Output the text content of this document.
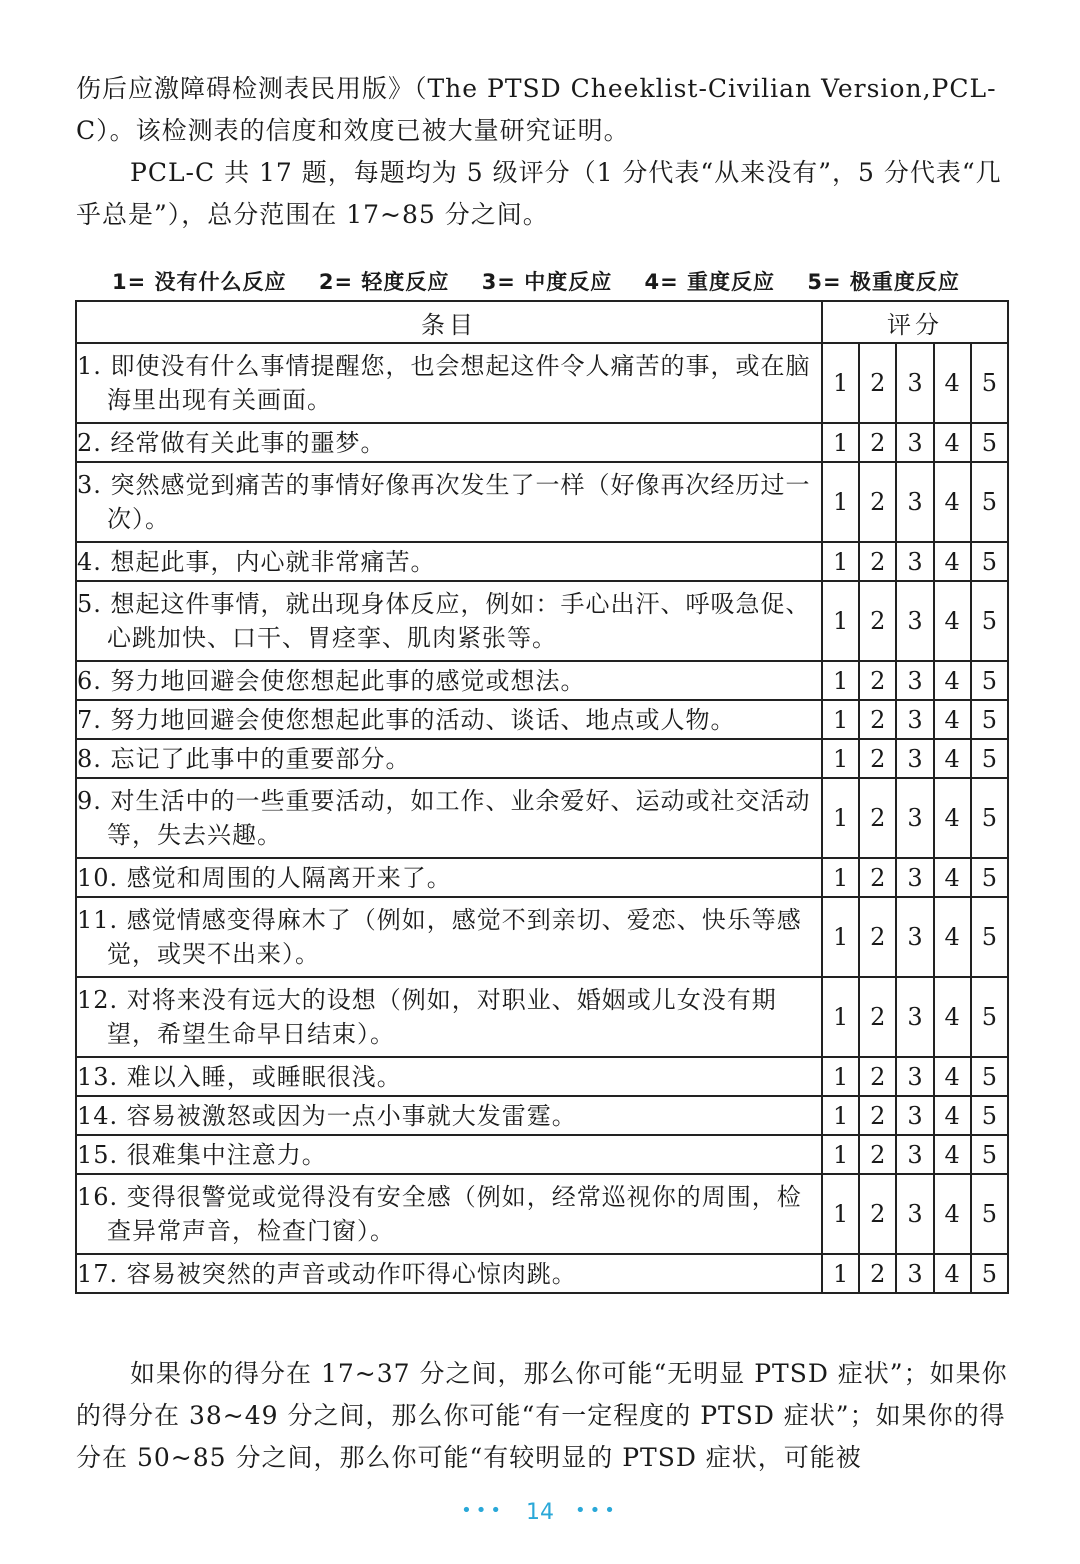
伤后应激障碍检测表民用版》（The PTSD Cheeklist-Civilian Version,PCL-C）。该检测表的信度和效度已被大量研究证明。

PCL-C 共 17 题，每题均为 5 级评分（1 分代表“从来没有”，5 分代表“几乎总是”），总分范围在 17~85 分之间。

1= 没有什么反应 2= 轻度反应 3= 中度反应 4= 重度反应 5= 极重度反应
条目	评分				

1. 即使没有什么事情提醒您，也会想起这件令人痛苦的事，或在脑海里出现有关画面。	1	2	3	4	5

2. 经常做有关此事的噩梦。	1	2	3	4	5

3. 突然感觉到痛苦的事情好像再次发生了一样（好像再次经历过一次）。	1	2	3	4	5

4. 想起此事，内心就非常痛苦。	1	2	3	4	5

5. 想起这件事情，就出现身体反应，例如：手心出汗、呼吸急促、心跳加快、口干、胃痉挛、肌肉紧张等。	1	2	3	4	5

6. 努力地回避会使您想起此事的感觉或想法。	1	2	3	4	5

7. 努力地回避会使您想起此事的活动、谈话、地点或人物。	1	2	3	4	5

8. 忘记了此事中的重要部分。	1	2	3	4	5

9. 对生活中的一些重要活动，如工作、业余爱好、运动或社交活动等，失去兴趣。	1	2	3	4	5

10. 感觉和周围的人隔离开来了。	1	2	3	4	5

11. 感觉情感变得麻木了（例如，感觉不到亲切、爱恋、快乐等感觉，或哭不出来）。	1	2	3	4	5

12. 对将来没有远大的设想（例如，对职业、婚姻或儿女没有期望，希望生命早日结束）。	1	2	3	4	5

13. 难以入睡，或睡眠很浅。	1	2	3	4	5

14. 容易被激怒或因为一点小事就大发雷霆。	1	2	3	4	5

15. 很难集中注意力。	1	2	3	4	5

16. 变得很警觉或觉得没有安全感（例如，经常巡视你的周围，检查异常声音，检查门窗）。	1	2	3	4	5

17. 容易被突然的声音或动作吓得心惊肉跳。	1	2	3	4	5

如果你的得分在 17~37 分之间，那么你可能“无明显 PTSD 症状”；如果你的得分在 38~49 分之间，那么你可能“有一定程度的 PTSD 症状”；如果你的得分在 50~85 分之间，那么你可能“有较明显的 PTSD 症状，可能被

••• 14 •••
